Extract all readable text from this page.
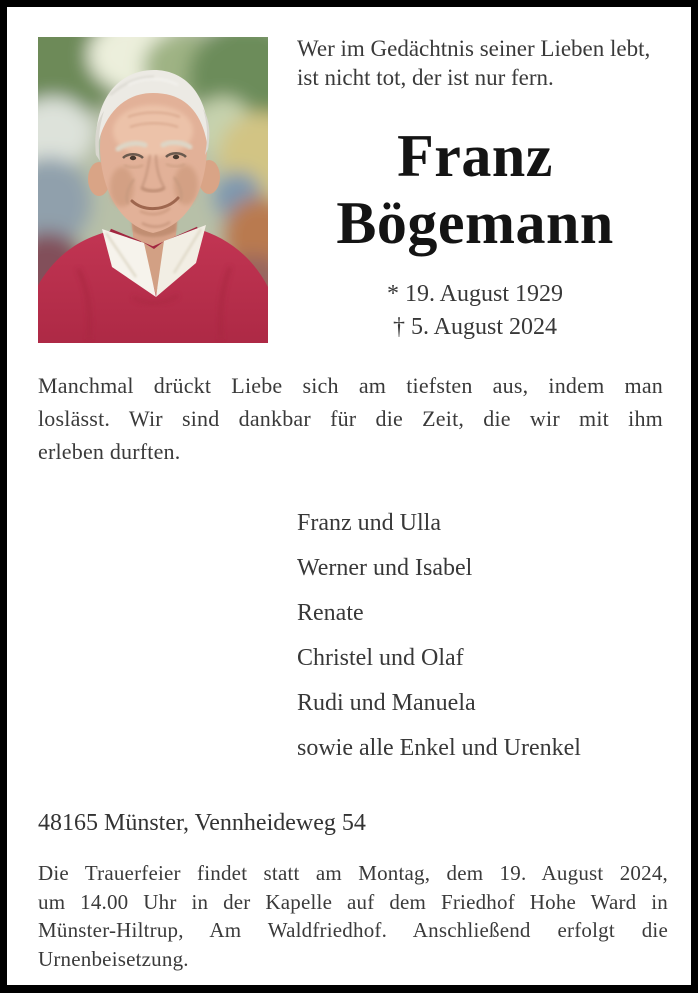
Wer im Gedächtnis seiner Lieben lebt,
ist nicht tot, der ist nur fern.
Franz
Bögemann
* 19. August 1929
† 5. August 2024
Manchmal drückt Liebe sich am tiefsten aus, indem man
loslässt. Wir sind dankbar für die Zeit, die wir mit ihm
erleben durften.
Franz und Ulla
Werner und Isabel
Renate
Christel und Olaf
Rudi und Manuela
sowie alle Enkel und Urenkel
48165 Münster, Vennheideweg 54
Die Trauerfeier findet statt am Montag, dem 19. August 2024,
um 14.00 Uhr in der Kapelle auf dem Friedhof Hohe Ward in
Münster-Hiltrup, Am Waldfriedhof. Anschließend erfolgt die
Urnenbeisetzung.
